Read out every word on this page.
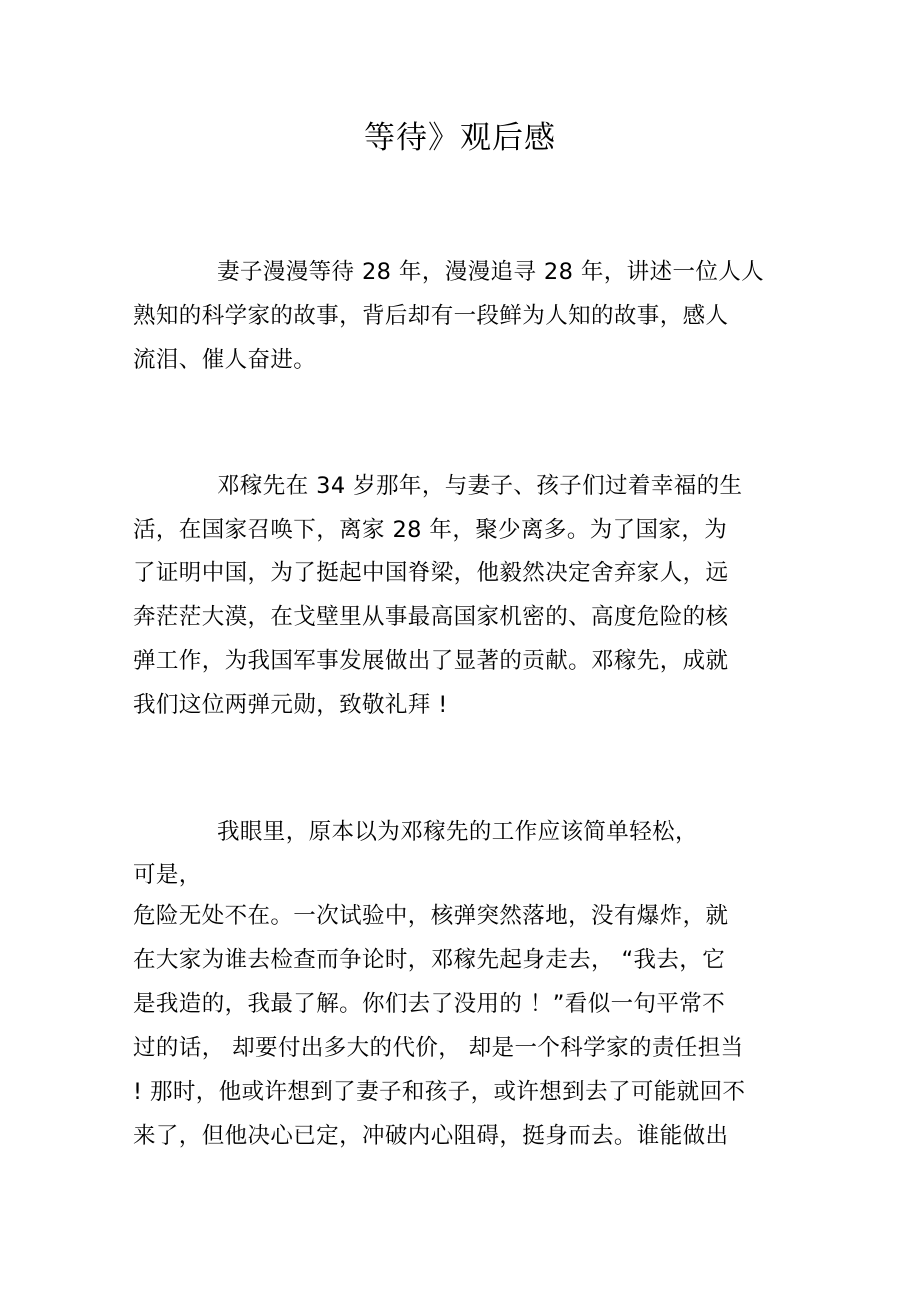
等待》观后感
妻子漫漫等待 28 年，漫漫追寻 28 年，讲述一位人人
熟知的科学家的故事，背后却有一段鲜为人知的故事，感人
流泪、催人奋进。
邓稼先在 34 岁那年，与妻子、孩子们过着幸福的生
活，在国家召唤下，离家 28 年，聚少离多。为了国家，为
了证明中国，为了挺起中国脊梁，他毅然决定舍弃家人，远
奔茫茫大漠，在戈壁里从事最高国家机密的、高度危险的核
弹工作，为我国军事发展做出了显著的贡献。邓稼先，成就
我们这位两弹元勋，致敬礼拜 !
我眼里，原本以为邓稼先的工作应该简单轻松，
可是，
危险无处不在。一次试验中，核弹突然落地，没有爆炸，就
在大家为谁去检查而争论时，邓稼先起身走去， “我去，它
是我造的，我最了解。你们去了没用的 ！”看似一句平常不
过的话， 却要付出多大的代价， 却是一个科学家的责任担当
! 那时，他或许想到了妻子和孩子，或许想到去了可能就回不
来了，但他决心已定，冲破内心阻碍，挺身而去。谁能做出
